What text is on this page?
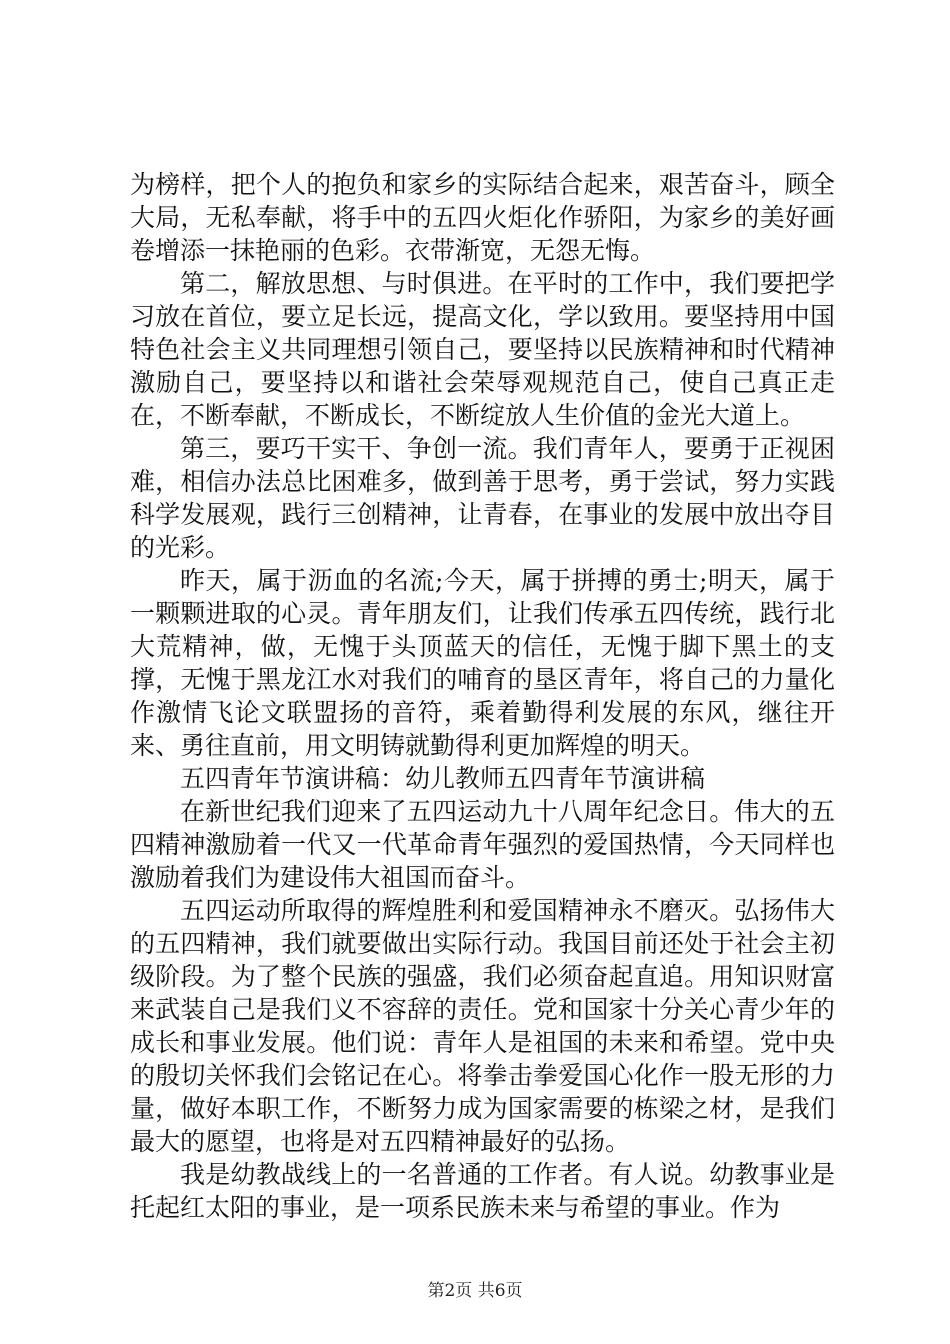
为榜样，把个人的抱负和家乡的实际结合起来，艰苦奋斗，顾全大局，无私奉献，将手中的五四火炬化作骄阳，为家乡的美好画卷增添一抹艳丽的色彩。衣带渐宽，无怨无悔。

第二，解放思想、与时俱进。在平时的工作中，我们要把学习放在首位，要立足长远，提高文化，学以致用。要坚持用中国特色社会主义共同理想引领自己，要坚持以民族精神和时代精神激励自己，要坚持以和谐社会荣辱观规范自己，使自己真正走在，不断奉献，不断成长，不断绽放人生价值的金光大道上。

第三，要巧干实干、争创一流。我们青年人，要勇于正视困难，相信办法总比困难多，做到善于思考，勇于尝试，努力实践科学发展观，践行三创精神，让青春，在事业的发展中放出夺目的光彩。

昨天，属于沥血的名流;今天，属于拼搏的勇士;明天，属于一颗颗进取的心灵。青年朋友们，让我们传承五四传统，践行北大荒精神，做，无愧于头顶蓝天的信任，无愧于脚下黑土的支撑，无愧于黑龙江水对我们的哺育的垦区青年，将自己的力量化作激情飞论文联盟扬的音符，乘着勤得利发展的东风，继往开来、勇往直前，用文明铸就勤得利更加辉煌的明天。

五四青年节演讲稿：幼儿教师五四青年节演讲稿

在新世纪我们迎来了五四运动九十八周年纪念日。伟大的五四精神激励着一代又一代革命青年强烈的爱国热情，今天同样也激励着我们为建设伟大祖国而奋斗。

五四运动所取得的辉煌胜利和爱国精神永不磨灭。弘扬伟大的五四精神，我们就要做出实际行动。我国目前还处于社会主初级阶段。为了整个民族的强盛，我们必须奋起直追。用知识财富来武装自己是我们义不容辞的责任。党和国家十分关心青少年的成长和事业发展。他们说：青年人是祖国的未来和希望。党中央的殷切关怀我们会铭记在心。将拳击拳爱国心化作一股无形的力量，做好本职工作，不断努力成为国家需要的栋梁之材，是我们最大的愿望，也将是对五四精神最好的弘扬。

我是幼教战线上的一名普通的工作者。有人说。幼教事业是托起红太阳的事业，是一项系民族未来与希望的事业。作为

第2页 共6页
